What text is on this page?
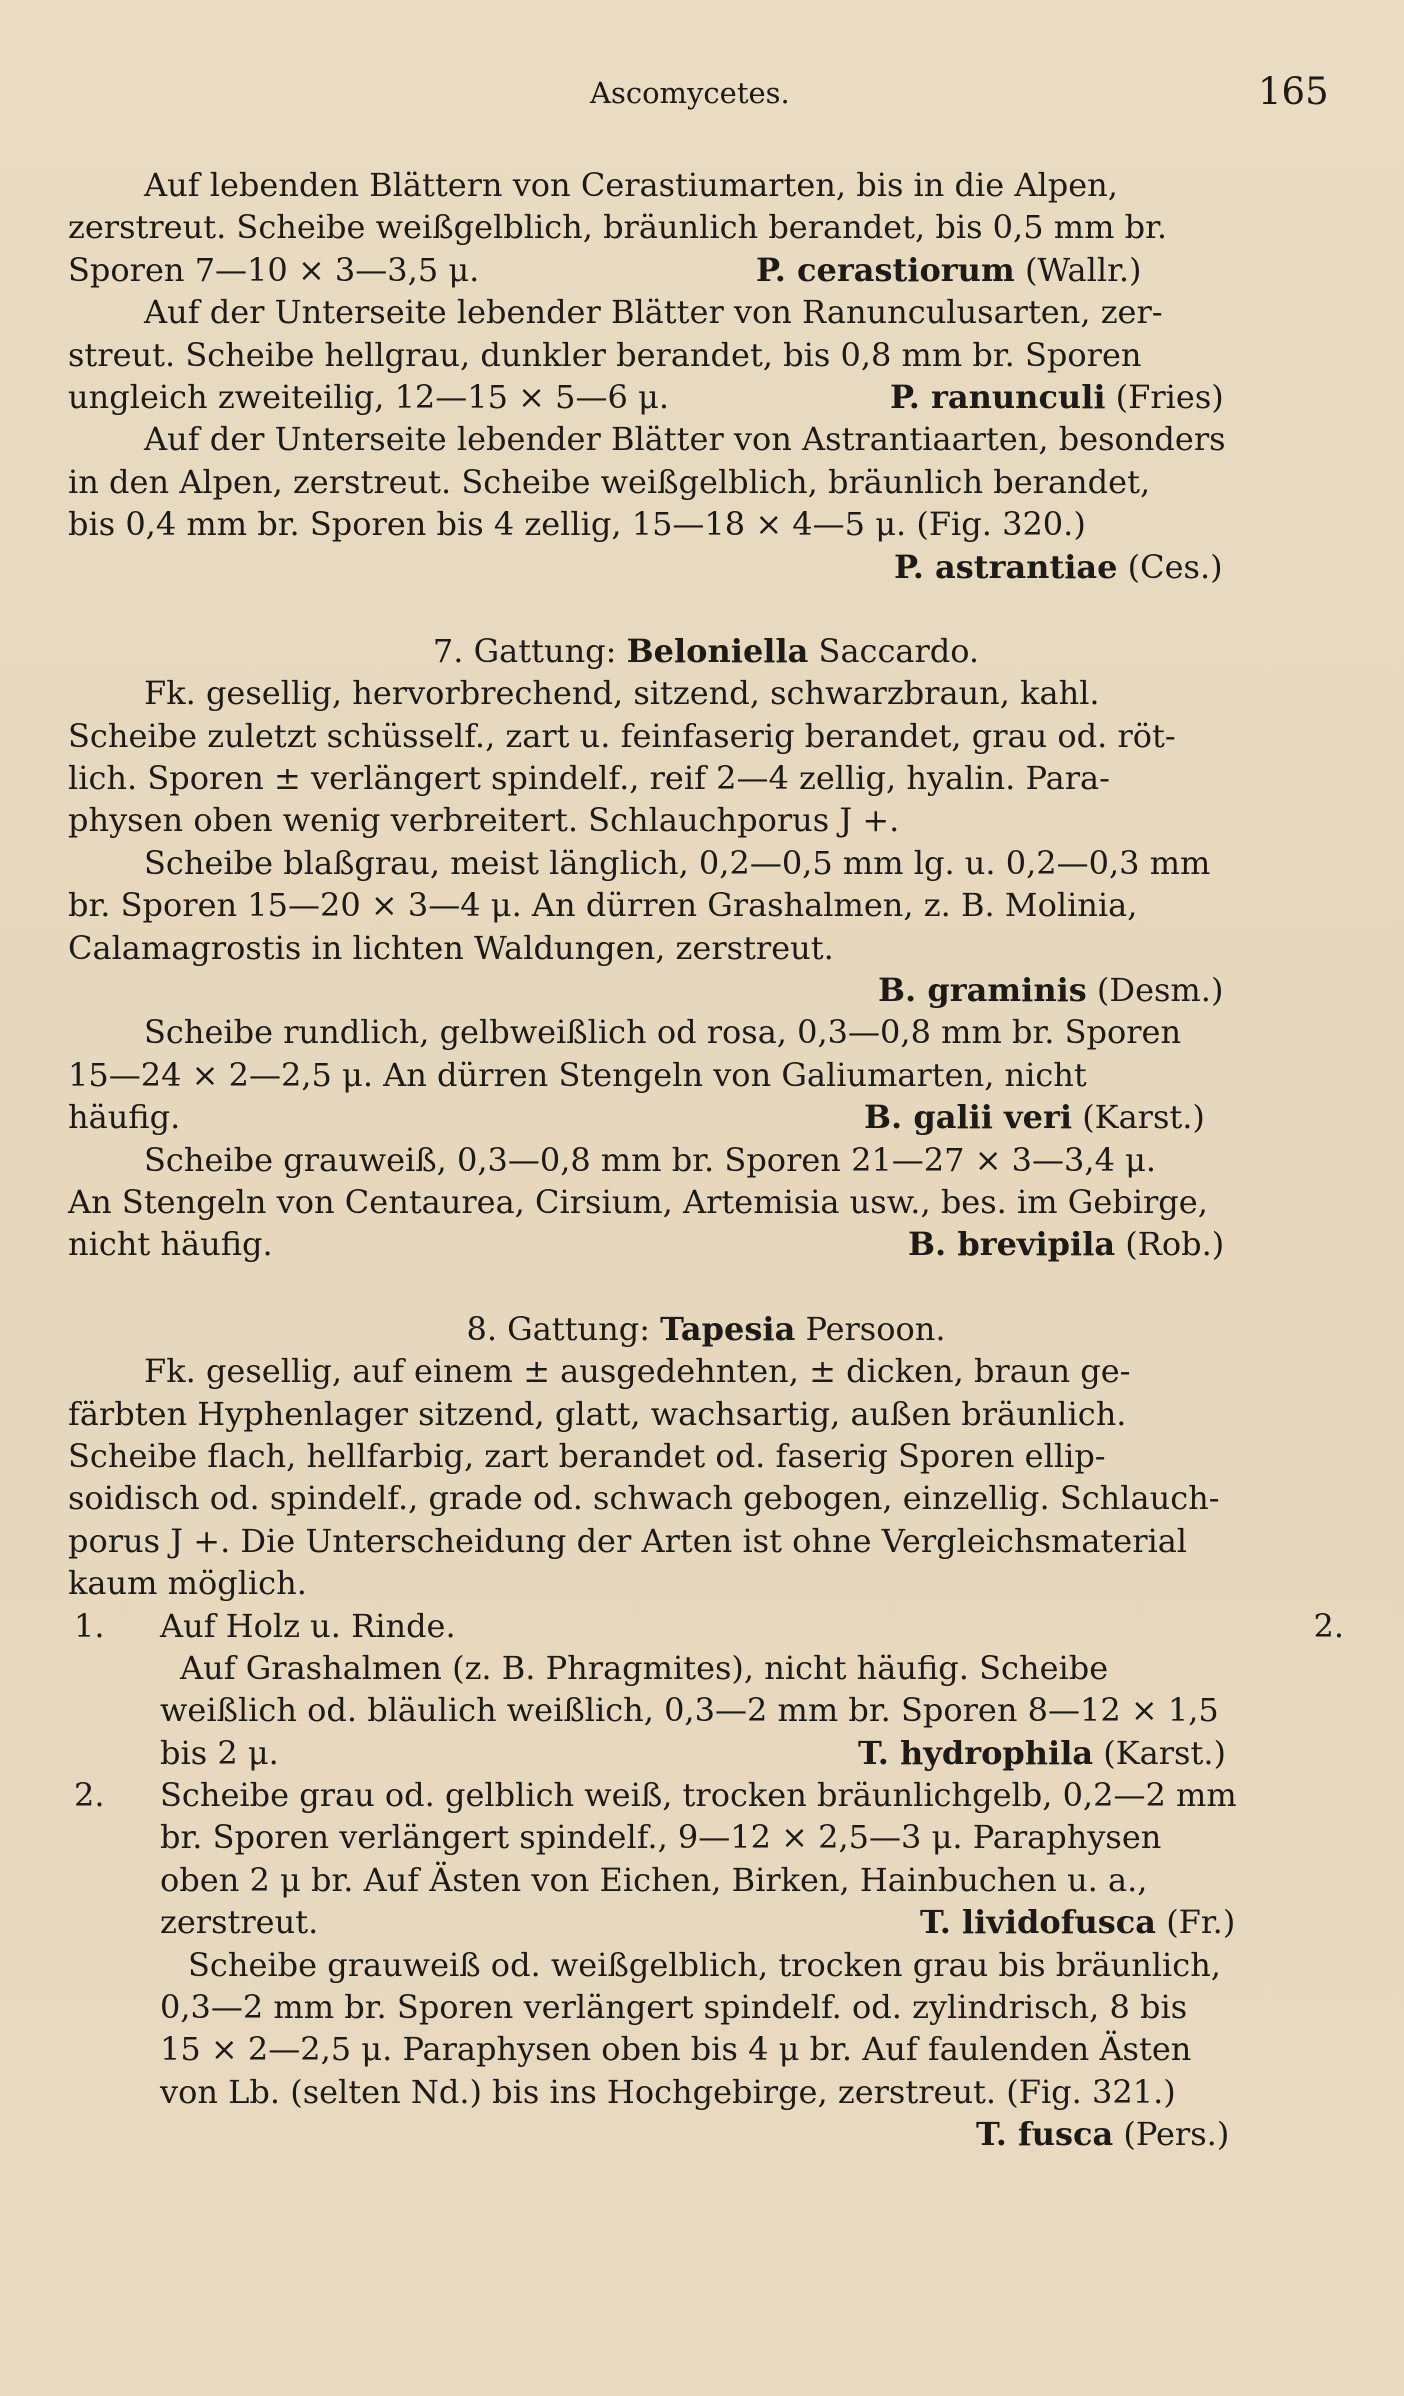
Ascomycetes.	165
Auf lebenden Blättern von Cerastiumarten, bis in die Alpen,
zerstreut. Scheibe weißgelblich, bräunlich berandet, bis 0,5 mm br.
Sporen 7—10 × 3—3,5 μ.	P. cerastiorum (Wallr.)
Auf der Unterseite lebender Blätter von Ranunculusarten, zer-
streut. Scheibe hellgrau, dunkler berandet, bis 0,8 mm br. Sporen
ungleich zweiteilig, 12—15 × 5—6 μ.	P. ranunculi (Fries)
Auf der Unterseite lebender Blätter von Astrantiaarten, besonders
in den Alpen, zerstreut. Scheibe weißgelblich, bräunlich berandet,
bis 0,4 mm br. Sporen bis 4 zellig, 15—18 × 4—5 μ. (Fig. 320.)
P. astrantiae (Ces.)
7. Gattung: Beloniella Saccardo.
Fk. gesellig, hervorbrechend, sitzend, schwarzbraun, kahl.
Scheibe zuletzt schüsself., zart u. feinfaserig berandet, grau od. röt-
lich. Sporen ± verlängert spindelf., reif 2—4 zellig, hyalin. Para-
physen oben wenig verbreitert. Schlauchporus J +.
Scheibe blaßgrau, meist länglich, 0,2—0,5 mm lg. u. 0,2—0,3 mm
br. Sporen 15—20 × 3—4 μ. An dürren Grashalmen, z. B. Molinia,
Calamagrostis in lichten Waldungen, zerstreut.
B. graminis (Desm.)
Scheibe rundlich, gelbweißlich od rosa, 0,3—0,8 mm br. Sporen
15—24 × 2—2,5 μ. An dürren Stengeln von Galiumarten, nicht
häufig.	B. galii veri (Karst.)
Scheibe grauweiß, 0,3—0,8 mm br. Sporen 21—27 × 3—3,4 μ.
An Stengeln von Centaurea, Cirsium, Artemisia usw., bes. im Gebirge,
nicht häufig.	B. brevipila (Rob.)
8. Gattung: Tapesia Persoon.
Fk. gesellig, auf einem ± ausgedehnten, ± dicken, braun ge-
färbten Hyphenlager sitzend, glatt, wachsartig, außen bräunlich.
Scheibe flach, hellfarbig, zart berandet od. faserig Sporen ellip-
soidisch od. spindelf., grade od. schwach gebogen, einzellig. Schlauch-
porus J +. Die Unterscheidung der Arten ist ohne Vergleichsmaterial
kaum möglich.
1. Auf Holz u. Rinde.	2.
Auf Grashalmen (z. B. Phragmites), nicht häufig. Scheibe
weißlich od. bläulich weißlich, 0,3—2 mm br. Sporen 8—12 × 1,5
bis 2 μ.	T. hydrophila (Karst.)
2. Scheibe grau od. gelblich weiß, trocken bräunlichgelb, 0,2—2 mm
br. Sporen verlängert spindelf., 9—12 × 2,5—3 μ. Paraphysen
oben 2 μ br. Auf Ästen von Eichen, Birken, Hainbuchen u. a.,
zerstreut.	T. lividofusca (Fr.)
Scheibe grauweiß od. weißgelblich, trocken grau bis bräunlich,
0,3—2 mm br. Sporen verlängert spindelf. od. zylindrisch, 8 bis
15 × 2—2,5 μ. Paraphysen oben bis 4 μ br. Auf faulenden Ästen
von Lb. (selten Nd.) bis ins Hochgebirge, zerstreut. (Fig. 321.)
T. fusca (Pers.)
